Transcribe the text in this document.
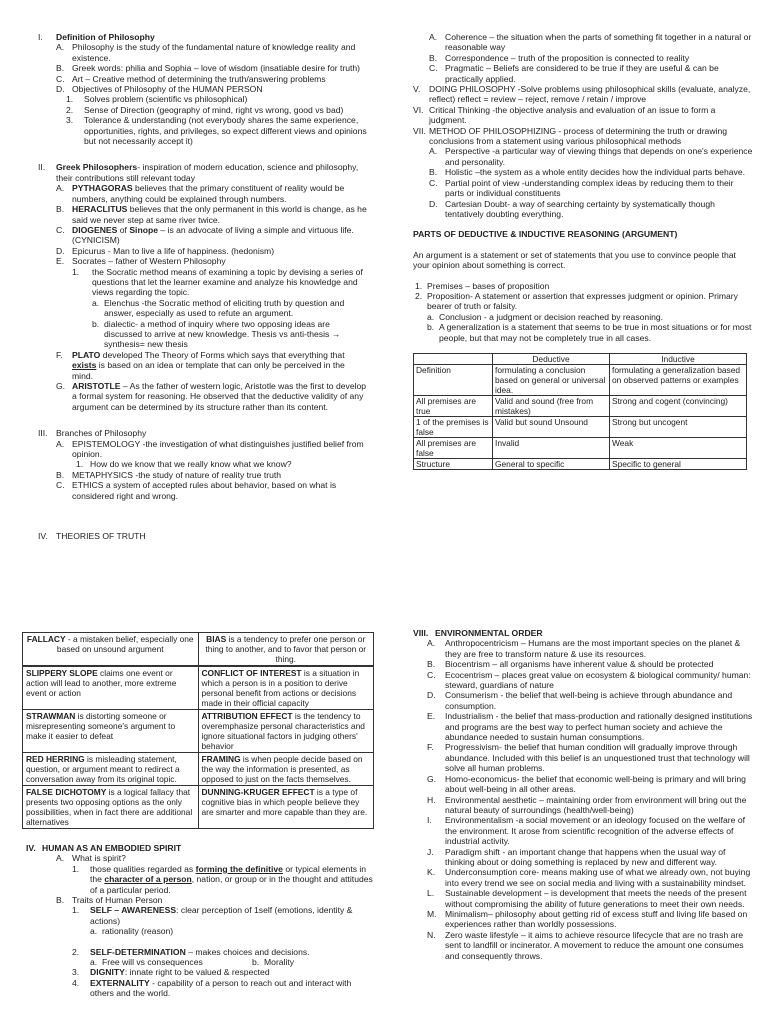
I.	Definition of Philosophy
A. Philosophy is the study of the fundamental nature of knowledge reality and existence.
B. Greek words: philia and Sophia – love of wisdom (insatiable desire for truth)
C. Art – Creative method of determining the truth/answering problems
D. Objectives of Philosophy of the HUMAN PERSON
1.	Solves problem (scientific vs philosophical)
2.	Sense of Direction (geography of mind, right vs wrong, good vs bad)
3.	Tolerance & understanding (not everybody shares the same experience, opportunities, rights, and privileges, so expect different views and opinions but not necessarily accept it)
II.	Greek Philosophers- inspiration of modern education, science and philosophy, their contributions still relevant today
A. PYTHAGORAS believes that the primary constituent of reality would be numbers, anything could be explained through numbers.
B. HERACLITUS believes that the only permanent in this world is change, as he said we never step at same river twice.
C. DIOGENES of Sinope – is an advocate of living a simple and virtuous life. (CYNICISM)
D. Epicurus - Man to live a life of happiness. (hedonism)
E. Socrates – father of Western Philosophy
1.	the Socratic method means of examining a topic by devising a series of questions that let the learner examine and analyze his knowledge and views regarding the topic.
a. Elenchus -the Socratic method of eliciting truth by question and answer, especially as used to refute an argument.
b. dialectic- a method of inquiry where two opposing ideas are discussed to arrive at new knowledge. Thesis vs anti-thesis → synthesis= new thesis
F.	PLATO developed The Theory of Forms which says that everything that exists is based on an idea or template that can only be perceived in the mind.
G. ARISTOTLE – As the father of western logic, Aristotle was the first to develop a formal system for reasoning. He observed that the deductive validity of any argument can be determined by its structure rather than its content.
III. Branches of Philosophy
A. EPISTEMOLOGY -the investigation of what distinguishes justified belief from opinion.
1. How do we know that we really know what we know?
B. METAPHYSICS -the study of nature of reality true truth
C. ETHICS a system of accepted rules about behavior, based on what is considered right and wrong.
IV. THEORIES OF TRUTH
A. Coherence – the situation when the parts of something fit together in a natural or reasonable way
B. Correspondence – truth of the proposition is connected to reality
C. Pragmatic – Beliefs are considered to be true if they are useful & can be practically applied.
V.	DOING PHILOSOPHY -Solve problems using philosophical skills (evaluate, analyze, reflect) reflect = review – reject, remove / retain / improve
VI. Critical Thinking -the objective analysis and evaluation of an issue to form a judgment.
VII. METHOD OF PHILOSOPHIZING - process of determining the truth or drawing conclusions from a statement using various philosophical methods
A. Perspective -a particular way of viewing things that depends on one's experience and personality.
B. Holistic –the system as a whole entity decides how the individual parts behave.
C. Partial point of view -understanding complex ideas by reducing them to their parts or individual constituents
D. Cartesian Doubt- a way of searching certainty by systematically though tentatively doubting everything.
PARTS OF DEDUCTIVE & INDUCTIVE REASONING (ARGUMENT)
An argument is a statement or set of statements that you use to convince people that your opinion about something is correct.
1. Premises – bases of proposition
2. Proposition- A statement or assertion that expresses judgment or opinion. Primary bearer of truth or falsity.
a. Conclusion - a judgment or decision reached by reasoning.
b. A generalization is a statement that seems to be true in most situations or for most people, but that may not be completely true in all cases.
	Deductive	Inductive
Definition	formulating a conclusion based on general or universal idea.	formulating a generalization based on observed patterns or examples
All premises are true	Valid and sound (free from mistakes)	Strong and cogent (convincing)
1 of the premises is false	Valid but sound Unsound	Strong but uncogent
All premises are false	Invalid	Weak
Structure	General to specific	Specific to general
FALLACY - a mistaken belief, especially one based on unsound argument	BIAS is a tendency to prefer one person or thing to another, and to favor that person or thing.
SLIPPERY SLOPE claims one event or action will lead to another, more extreme event or action	CONFLICT OF INTEREST is a situation in which a person is in a position to derive personal benefit from actions or decisions made in their official capacity
STRAWMAN is distorting someone or misrepresenting someone's argument to make it easier to defeat	ATTRIBUTION EFFECT is the tendency to overemphasize personal characteristics and ignore situational factors in judging others' behavior
RED HERRING is misleading statement, question, or argument meant to redirect a conversation away from its original topic.	FRAMING is when people decide based on the way the information is presented, as opposed to just on the facts themselves.
FALSE DICHOTOMY is a logical fallacy that presents two opposing options as the only possibilities, when in fact there are additional alternatives	DUNNING-KRUGER EFFECT is a type of cognitive bias in which people believe they are smarter and more capable than they are.
IV. HUMAN AS AN EMBODIED SPIRIT
A. What is spirit?
1.	those qualities regarded as forming the definitive or typical elements in the character of a person, nation, or group or in the thought and attitudes of a particular period.
B. Traits of Human Person
1.	SELF – AWARENESS: clear perception of 1self (emotions, identity & actions)
a. rationality (reason)
2.	SELF-DETERMINATION – makes choices and decisions.
a. Free will vs consequences	b. Morality
3.	DIGNITY: innate right to be valued & respected
4.	EXTERNALITY - capability of a person to reach out and interact with others and the world.
VIII. ENVIRONMENTAL ORDER
A.	Anthropocentricism – Humans are the most important species on the planet & they are free to transform nature & use its resources.
B.	Biocentrism – all organisms have inherent value & should be protected
C.	Ecocentrism – places great value on ecosystem & biological community/ human: steward, guardians of nature
D.	Consumerism - the belief that well-being is achieve through abundance and consumption.
E.	Industrialism - the belief that mass-production and rationally designed institutions and programs are the best way to perfect human society and achieve the abundance needed to sustain human consumptions.
F.	Progressivism- the belief that human condition will gradually improve through abundance. Included with this belief is an unquestioned trust that technology will solve all human problems.
G.	Homo-economicus- the belief that economic well-being is primary and will bring about well-being in all other areas.
H.	Environmental aesthetic – maintaining order from environment will bring out the natural beauty of surroundings (health/well-being)
I.	Environmentalism -a social movement or an ideology focused on the welfare of the environment. It arose from scientific recognition of the adverse effects of industrial activity.
J.	Paradigm shift - an important change that happens when the usual way of thinking about or doing something is replaced by new and different way.
K.	Underconsumption core- means making use of what we already own, not buying into every trend we see on social media and living with a sustainability mindset.
L.	Sustainable development – is development that meets the needs of the present without compromising the ability of future generations to meet their own needs.
M. Minimalism– philosophy about getting rid of excess stuff and living life based on experiences rather than worldly possessions.
N.	Zero waste lifestyle – it aims to achieve resource lifecycle that are no trash are sent to landfill or incinerator. A movement to reduce the amount one consumes and consequently throws.
